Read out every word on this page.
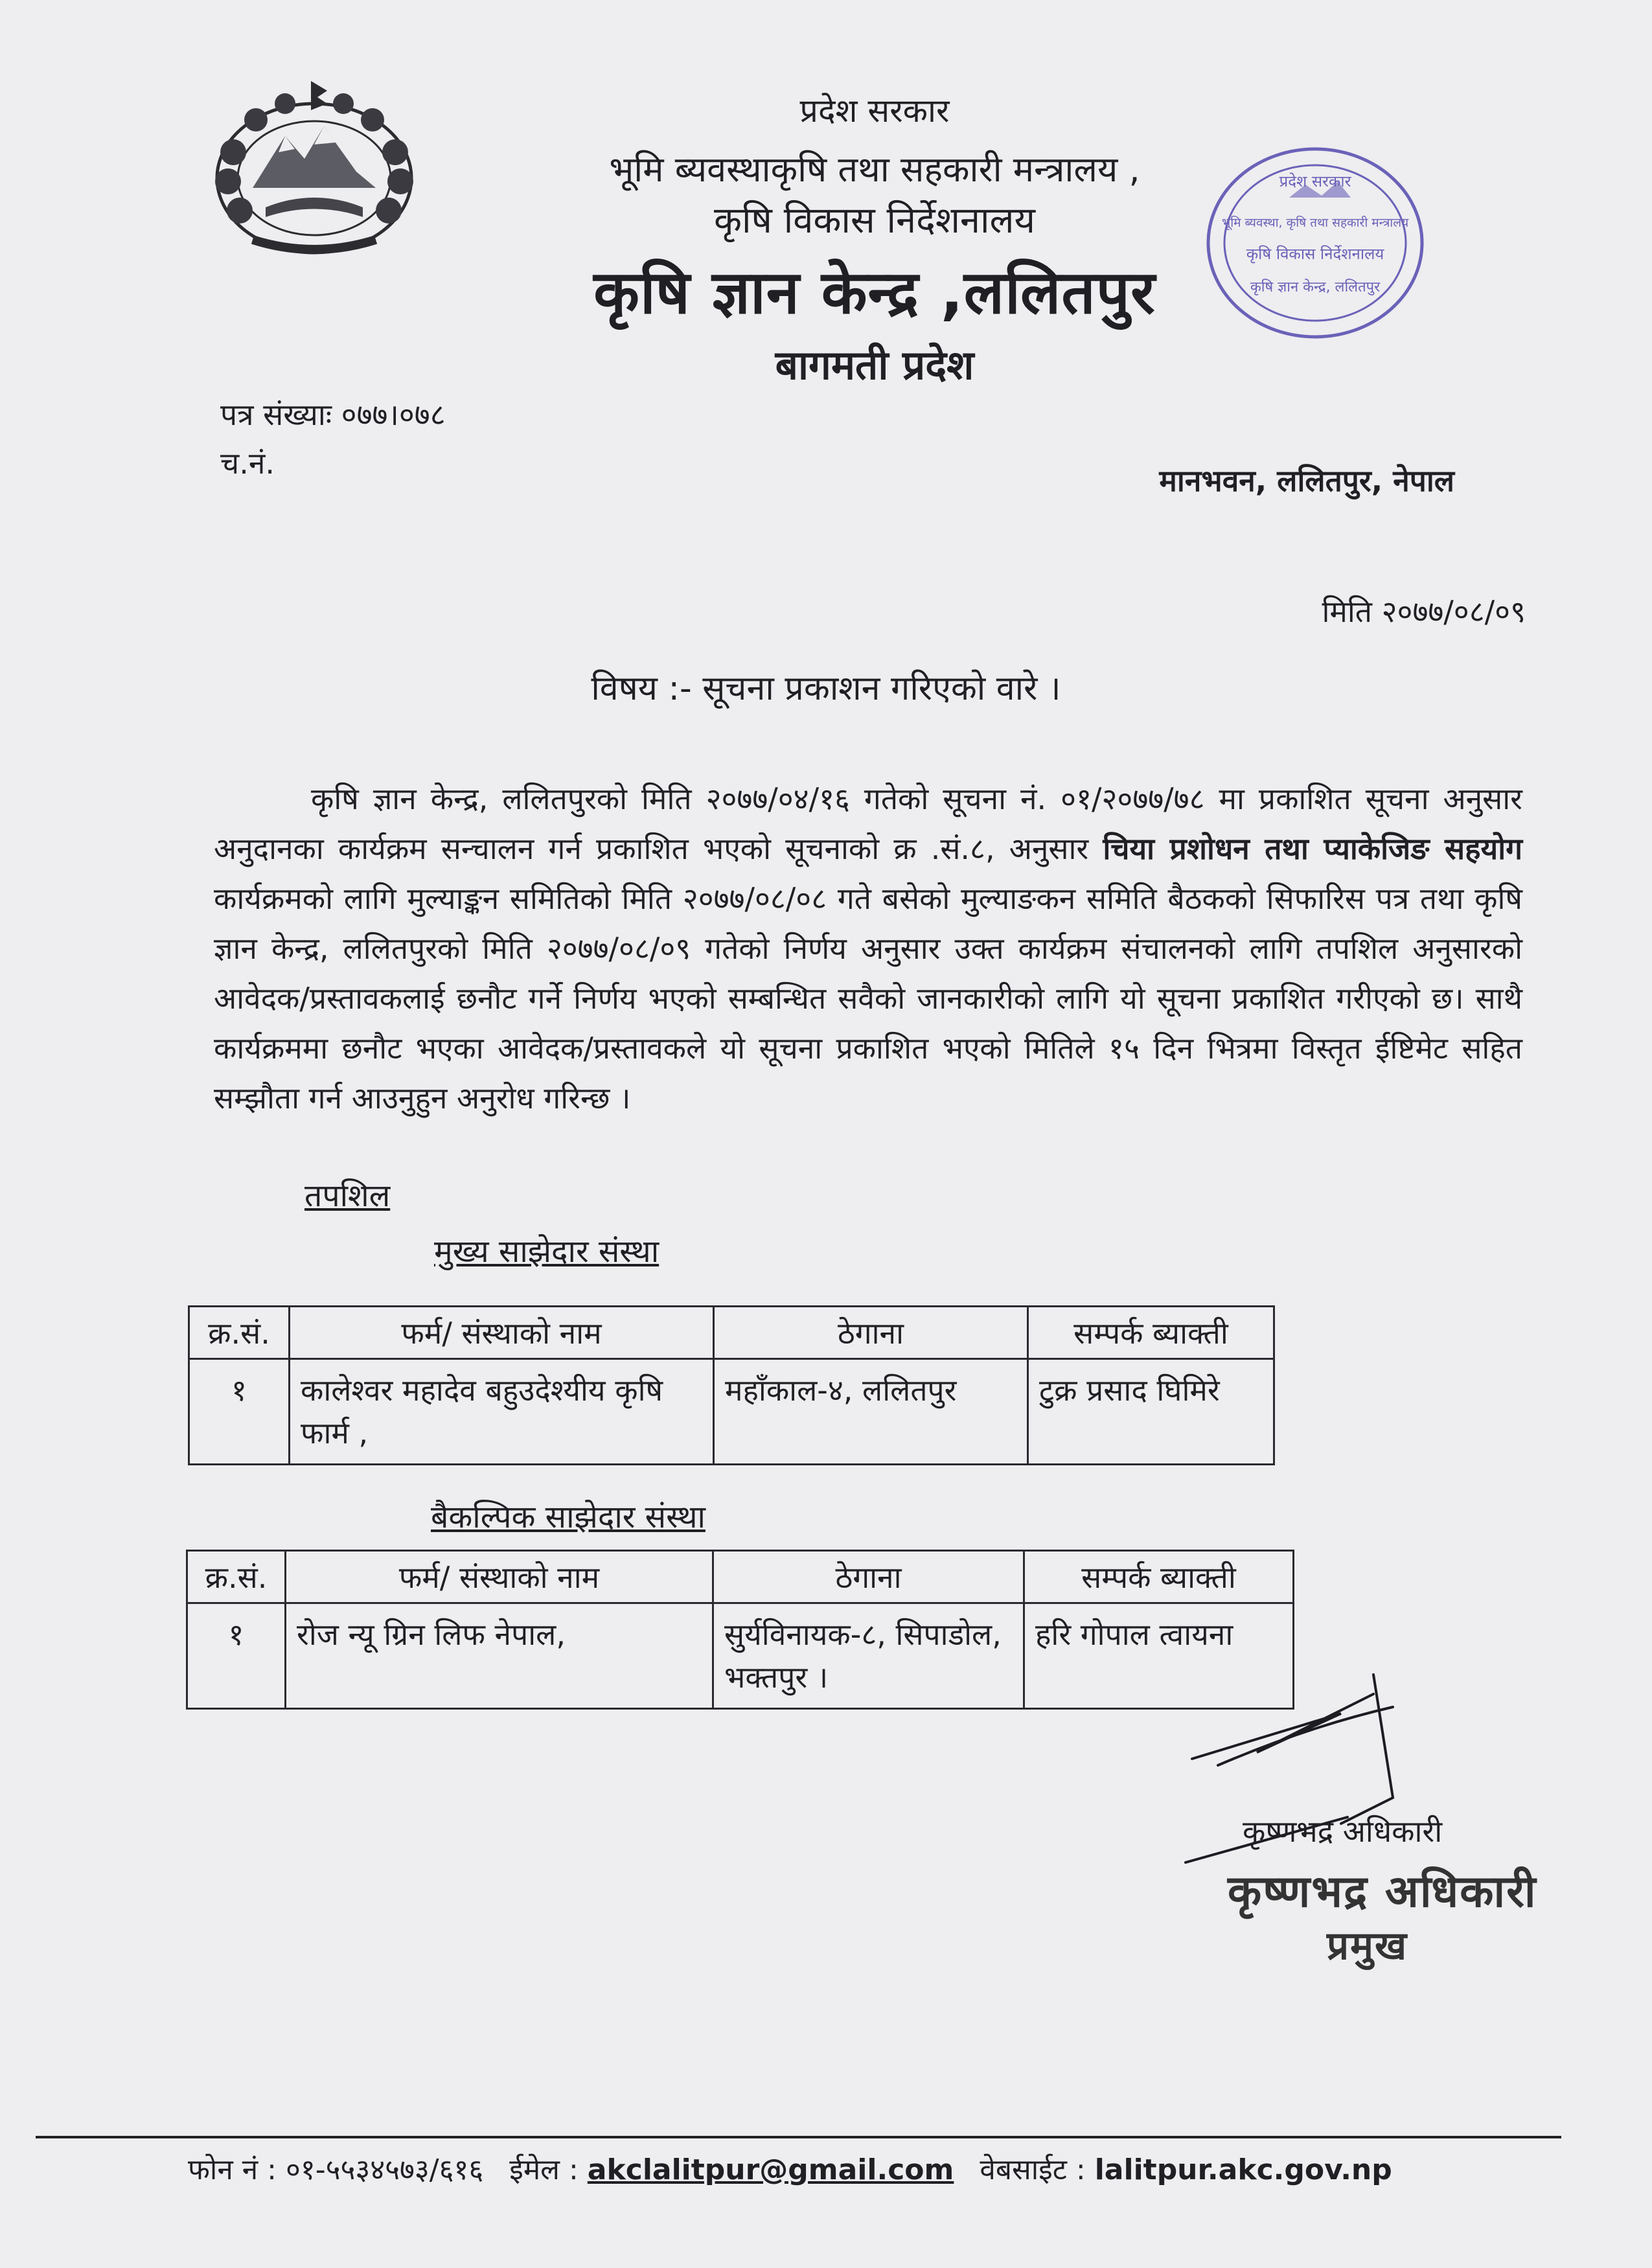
प्रदेश सरकार
भूमि ब्यवस्था, कृषि तथा सहकारी मन्त्रालय
कृषि विकास निर्देशनालय
कृषि ज्ञान केन्द्र, ललितपुर
प्रदेश सरकार
भूमि ब्यवस्थाकृषि तथा सहकारी मन्त्रालय ,
कृषि विकास निर्देशनालय
कृषि ज्ञान केन्द्र ,ललितपुर
बागमती प्रदेश
पत्र संख्याः ०७७।०७८
च.नं.	मानभवन, ललितपुर, नेपाल
मिति २०७७/०८/०९
विषय :- सूचना प्रकाशन गरिएको वारे ।
कृषि ज्ञान केन्द्र, ललितपुरको मिति २०७७/०४/१६ गतेको सूचना नं. ०१/२०७७/७८ मा प्रकाशित सूचना अनुसार अनुदानका कार्यक्रम सन्चालन गर्न प्रकाशित भएको सूचनाको क्र .सं.८, अनुसार चिया प्रशोधन तथा प्याकेजिङ सहयोग कार्यक्रमको लागि मुल्याङ्कन समितिको मिति २०७७/०८/०८ गते बसेको मुल्याङकन समिति बैठकको सिफारिस पत्र तथा कृषि ज्ञान केन्द्र, ललितपुरको मिति २०७७/०८/०९ गतेको निर्णय अनुसार उक्त कार्यक्रम संचालनको लागि तपशिल अनुसारको आवेदक/प्रस्तावकलाई छनौट गर्ने निर्णय भएको सम्बन्धित सवैको जानकारीको लागि यो सूचना प्रकाशित गरीएको छ। साथै कार्यक्रममा छनौट भएका आवेदक/प्रस्तावकले यो सूचना प्रकाशित भएको मितिले १५ दिन भित्रमा विस्तृत ईष्टिमेट सहित सम्झौता गर्न आउनुहुन अनुरोध गरिन्छ ।
तपशिल
मुख्य साझेदार संस्था
क्र.सं.	फर्म/ संस्थाको नाम	ठेगाना	सम्पर्क ब्याक्ती
१	कालेश्वर महादेव बहुउदेश्यीय कृषि फार्म ,	महाँकाल-४, ललितपुर	टुक्र प्रसाद घिमिरे
बैकल्पिक साझेदार संस्था
क्र.सं.	फर्म/ संस्थाको नाम	ठेगाना	सम्पर्क ब्याक्ती
१	रोज न्यू ग्रिन लिफ नेपाल,	सुर्यविनायक-८, सिपाडोल, भक्तपुर ।	हरि गोपाल त्वायना
कृष्णभद्र अधिकारी
कृष्णभद्र अधिकारी
प्रमुख
फोन नं : ०१-५५३४५७३/६१६ ईमेल : akclalitpur@gmail.com वेबसाईट : lalitpur.akc.gov.np
